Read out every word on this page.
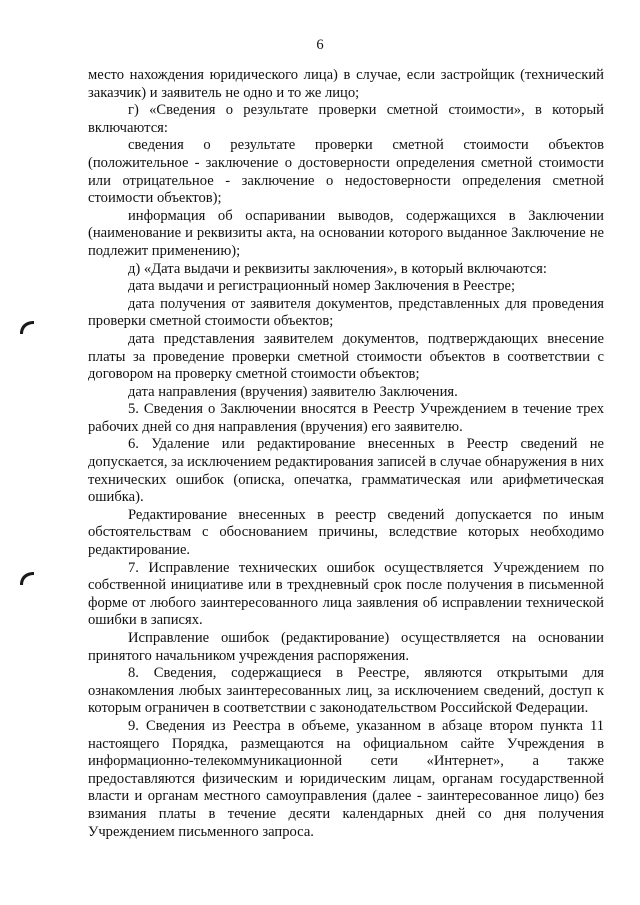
6

место нахождения юридического лица) в случае, если застройщик (технический заказчик) и заявитель не одно и то же лицо;

г) «Сведения о результате проверки сметной стоимости», в который включаются:

сведения о результате проверки сметной стоимости объектов (положительное - заключение о достоверности определения сметной стоимости или отрицательное - заключение о недостоверности определения сметной стоимости объектов);

информация об оспаривании выводов, содержащихся в Заключении (наименование и реквизиты акта, на основании которого выданное Заключение не подлежит применению);

д) «Дата выдачи и реквизиты заключения», в который включаются:

дата выдачи и регистрационный номер Заключения в Реестре;

дата получения от заявителя документов, представленных для проведения проверки сметной стоимости объектов;

дата представления заявителем документов, подтверждающих внесение платы за проведение проверки сметной стоимости объектов в соответствии с договором на проверку сметной стоимости объектов;

дата направления (вручения) заявителю Заключения.

5. Сведения о Заключении вносятся в Реестр Учреждением в течение трех рабочих дней со дня направления (вручения) его заявителю.

6. Удаление или редактирование внесенных в Реестр сведений не допускается, за исключением редактирования записей в случае обнаружения в них технических ошибок (описка, опечатка, грамматическая или арифметическая ошибка).

Редактирование внесенных в реестр сведений допускается по иным обстоятельствам с обоснованием причины, вследствие которых необходимо редактирование.

7. Исправление технических ошибок осуществляется Учреждением по собственной инициативе или в трехдневный срок после получения в письменной форме от любого заинтересованного лица заявления об исправлении технической ошибки в записях.

Исправление ошибок (редактирование) осуществляется на основании принятого начальником учреждения распоряжения.

8. Сведения, содержащиеся в Реестре, являются открытыми для ознакомления любых заинтересованных лиц, за исключением сведений, доступ к которым ограничен в соответствии с законодательством Российской Федерации.

9. Сведения из Реестра в объеме, указанном в абзаце втором пункта 11 настоящего Порядка, размещаются на официальном сайте Учреждения в информационно-телекоммуникационной сети «Интернет», а также предоставляются физическим и юридическим лицам, органам государственной власти и органам местного самоуправления (далее - заинтересованное лицо) без взимания платы в течение десяти календарных дней со дня получения Учреждением письменного запроса.
